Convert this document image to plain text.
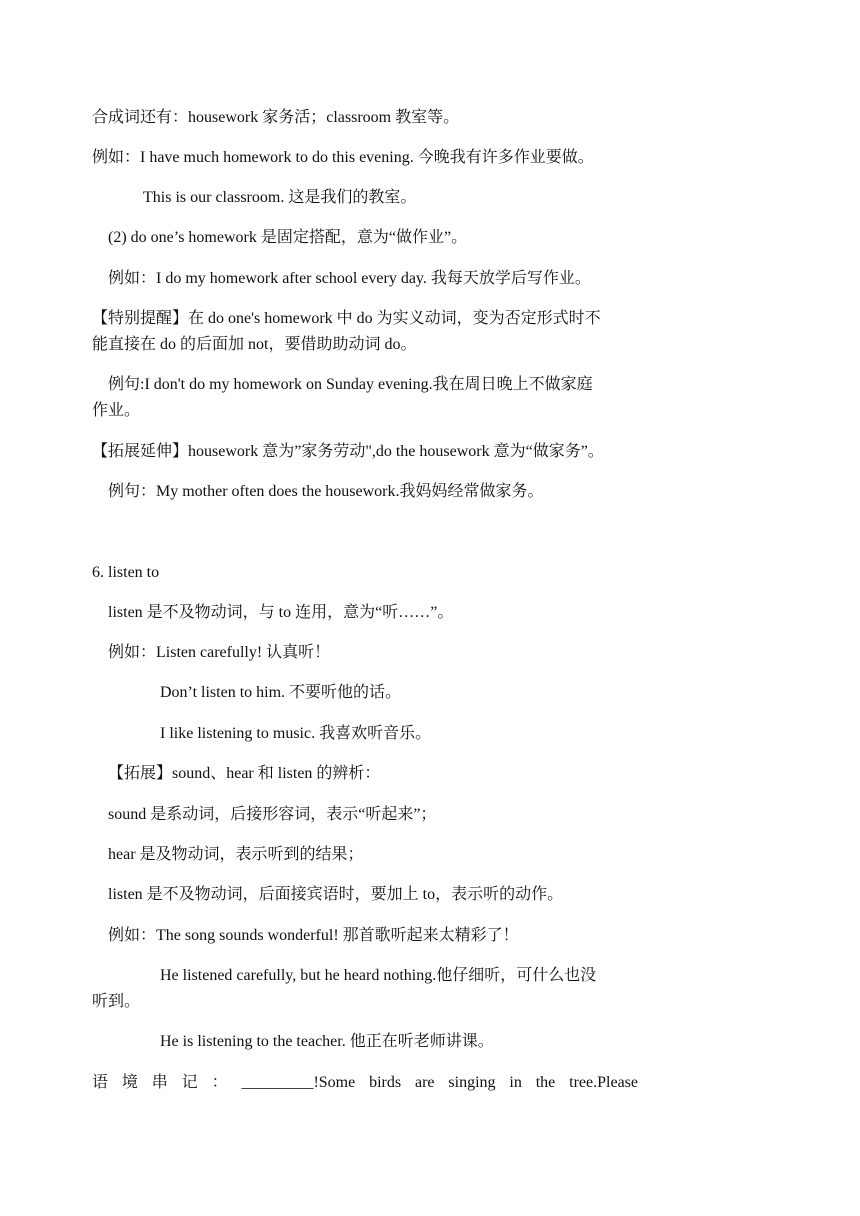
合成词还有：housework 家务活；classroom 教室等。
例如：I have much homework to do this evening. 今晚我有许多作业要做。
This is our classroom. 这是我们的教室。
(2) do one’s homework 是固定搭配，意为“做作业”。
例如：I do my homework after school every day. 我每天放学后写作业。
【特别提醒】在 do one's homework 中 do 为实义动词，变为否定形式时不
能直接在 do 的后面加 not，要借助助动词 do。
例句:I don't do my homework on Sunday evening.我在周日晚上不做家庭
作业。
【拓展延伸】housework 意为”家务劳动",do the housework 意为“做家务”。
例句：My mother often does the housework.我妈妈经常做家务。
6. listen to
listen 是不及物动词，与 to 连用，意为“听……”。
例如：Listen carefully! 认真听！
Don’t listen to him. 不要听他的话。
I like listening to music. 我喜欢听音乐。
【拓展】sound、hear 和 listen 的辨析：
sound 是系动词，后接形容词，表示“听起来”；
hear 是及物动词，表示听到的结果；
listen 是不及物动词，后面接宾语时，要加上 to，表示听的动作。
例如：The song sounds wonderful! 那首歌听起来太精彩了！
He listened carefully, but he heard nothing.他仔细听，可什么也没
听到。
He is listening to the teacher. 他正在听老师讲课。
语 境 串 记 ： _________!Some birds are singing in the tree.Please
